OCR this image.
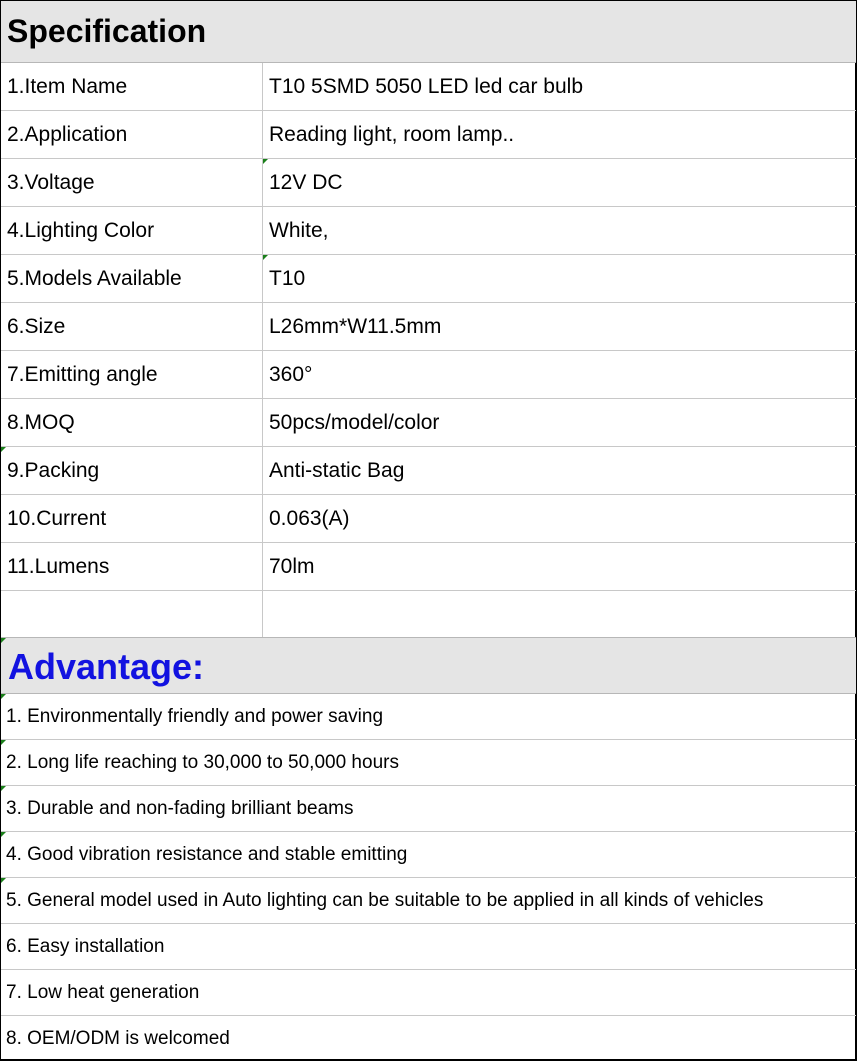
Specification
1.Item Name	T10 5SMD 5050 LED led car bulb
2.Application	Reading light, room lamp..
3.Voltage	12V DC
4.Lighting Color	White,
5.Models Available	T10
6.Size	L26mm*W11.5mm
7.Emitting angle	360°
8.MOQ	50pcs/model/color
9.Packing	Anti-static Bag
10.Current	0.063(A)
11.Lumens	70lm
Advantage:
1. Environmentally friendly and power saving
2. Long life reaching to 30,000 to 50,000 hours
3. Durable and non-fading brilliant beams
4. Good vibration resistance and stable emitting
5. General model used in Auto lighting can be suitable to be applied in all kinds of vehicles
6. Easy installation
7. Low heat generation
8. OEM/ODM is welcomed
